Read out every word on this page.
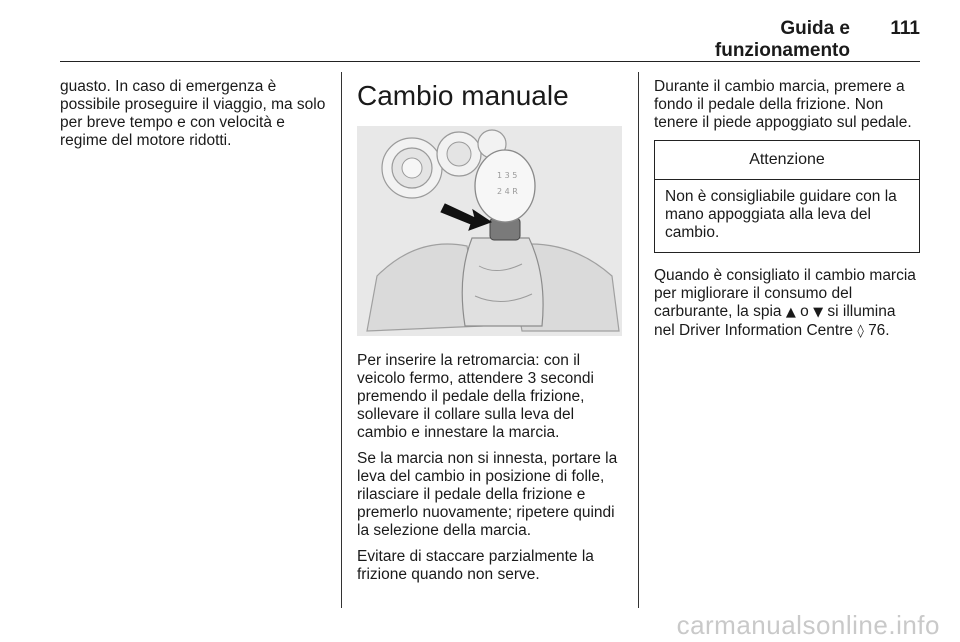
Guida e funzionamento
111

guasto. In caso di emergenza è possibile proseguire il viaggio, ma solo per breve tempo e con velocità e regime del motore ridotti.

Cambio manuale
1 3 5
2 4 R

Per inserire la retromarcia: con il veicolo fermo, attendere 3 secondi premendo il pedale della frizione, sollevare il collare sulla leva del cambio e innestare la marcia.

Se la marcia non si innesta, portare la leva del cambio in posizione di folle, rilasciare il pedale della frizione e premerlo nuovamente; ripetere quindi la selezione della marcia.

Evitare di staccare parzialmente la frizione quando non serve.

Durante il cambio marcia, premere a fondo il pedale della frizione. Non tenere il piede appoggiato sul pedale.

Attenzione
Non è consigliabile guidare con la mano appoggiata alla leva del cambio.

Quando è consigliato il cambio marcia per migliorare il consumo del carburante, la spia ▲ o ▼ si illumina nel Driver Information Centre ◊ 76.

carmanualsonline.info
